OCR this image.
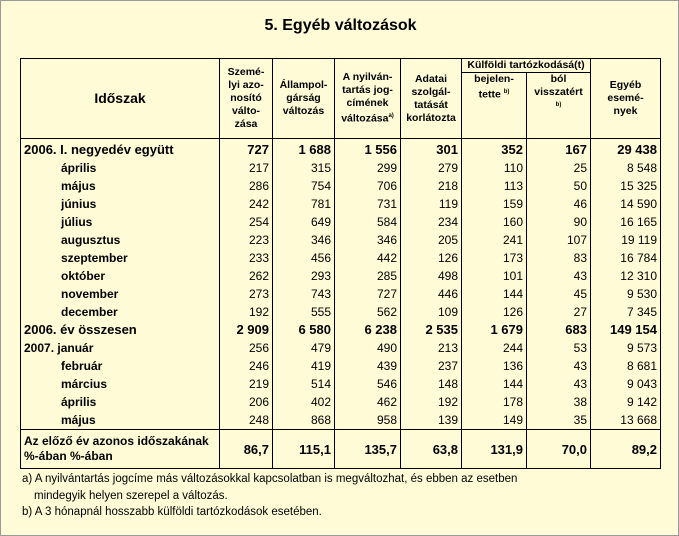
5. Egyéb változások
Időszak	Szemé-
lyi azo-
nosító
válto-
zása	Állampol-
gárság
változás	A nyilván-
tartás jog-
címének
változása$^{a)}$	Adatai
szolgál-
tatását
korlátozta	Külföldi tartózkodásá(t)		Egyéb
esemé-
nyek
					bejelen-
tette $^{b)}$	ból
visszatért
$^{b)}$
2006. I. negyedév együtt	727	1 688	1 556	301	352	167	29 438
április	217	315	299	279	110	25	8 548
május	286	754	706	218	113	50	15 325
június	242	781	731	119	159	46	14 590
július	254	649	584	234	160	90	16 165
augusztus	223	346	346	205	241	107	19 119
szeptember	233	456	442	126	173	83	16 784
október	262	293	285	498	101	43	12 310
november	273	743	727	446	144	45	9 530
december	192	555	562	109	126	27	7 345
2006. év összesen	2 909	6 580	6 238	2 535	1 679	683	149 154
2007. január	256	479	490	213	244	53	9 573
február	246	419	439	237	136	43	8 681
március	219	514	546	148	144	43	9 043
április	206	402	462	192	178	38	9 142
május	248	868	958	139	149	35	13 668
Az előző év azonos időszakának %-ában %-ában	86,7	115,1	135,7	63,8	131,9	70,0	89,2
a) A nyilvántartás jogcíme más változásokkal kapcsolatban is megváltozhat, és ebben az esetben
mindegyik helyen szerepel a változás.
b) A 3 hónapnál hosszabb külföldi tartózkodások esetében.
